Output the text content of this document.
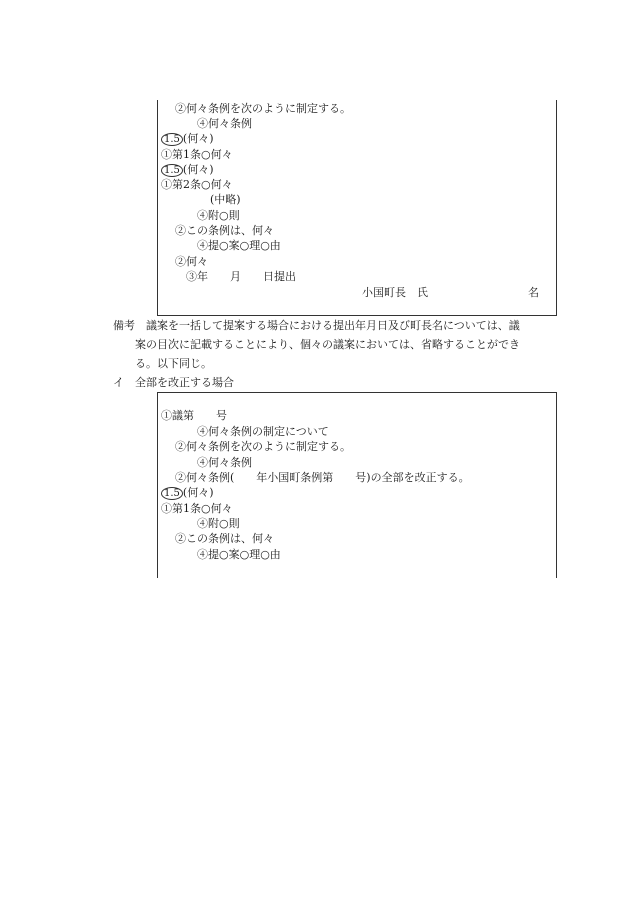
②何々条例を次のように制定する。
④何々条例
1.5 (何々)
①第1条○何々
1.5 (何々)
①第2条○何々
(中略)
④附○則
②この条例は、何々
④提○案○理○由
②何々
③年　　月　　日提出
小国町長　氏	名
備考　議案を一括して提案する場合における提出年月日及び町長名については、議
案の目次に記載することにより、個々の議案においては、省略することができ
る。以下同じ。
イ　全部を改正する場合
①議第　　号
④何々条例の制定について
②何々条例を次のように制定する。
④何々条例
②何々条例(　　年小国町条例第　　号)の全部を改正する。
1.5 (何々)
①第1条○何々
④附○則
②この条例は、何々
④提○案○理○由
